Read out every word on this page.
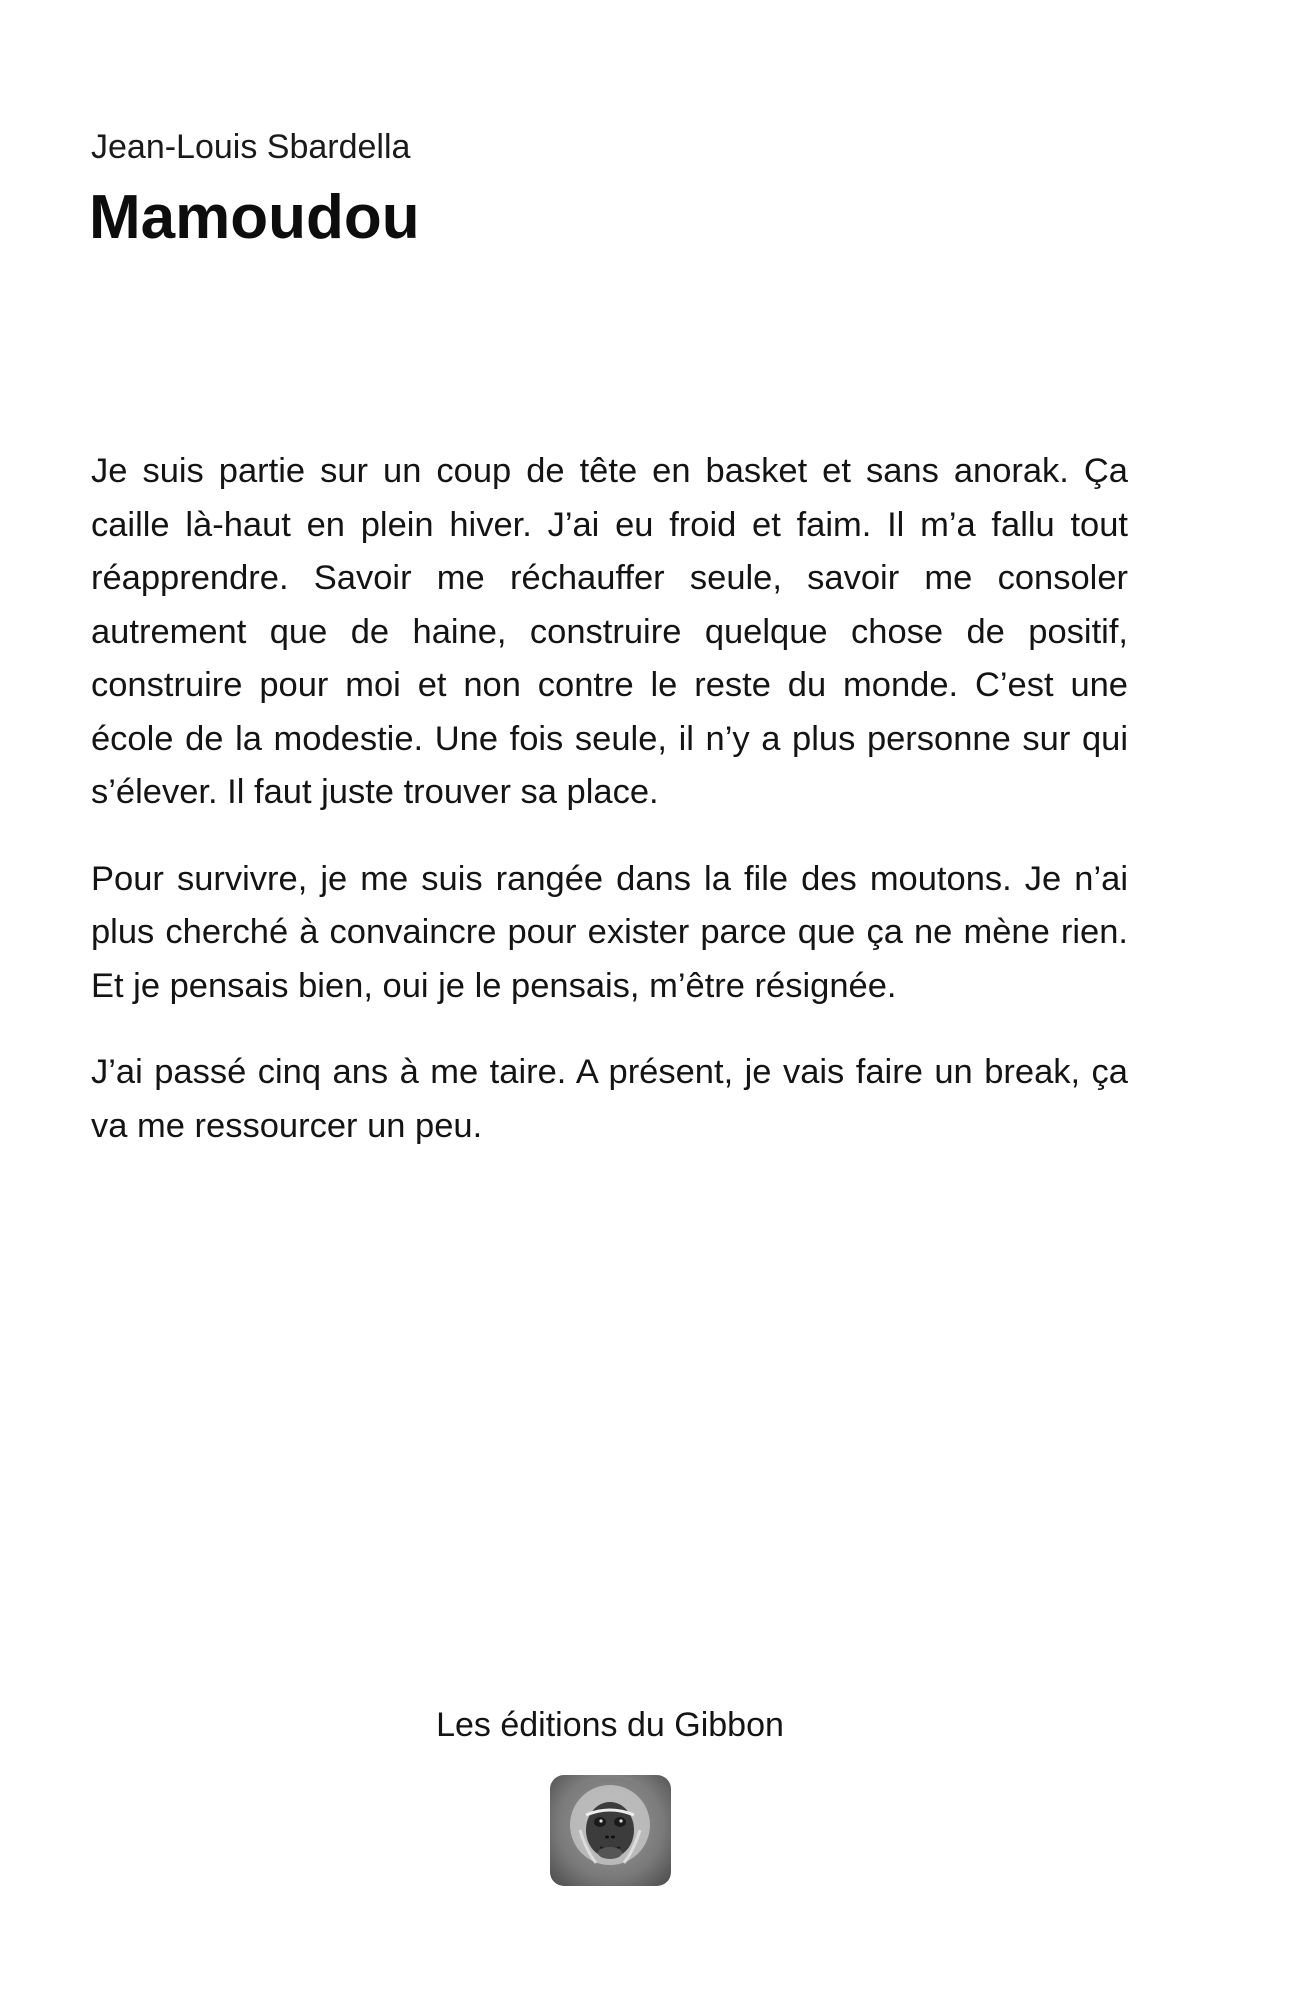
Jean-Louis Sbardella
Mamoudou

Je suis partie sur un coup de tête en basket et sans anorak. Ça caille là-haut en plein hiver. J’ai eu froid et faim. Il m’a fallu tout réapprendre. Savoir me réchauffer seule, savoir me consoler autrement que de haine, construire quelque chose de positif, construire pour moi et non contre le reste du monde. C’est une école de la modestie. Une fois seule, il n’y a plus personne sur qui s’élever. Il faut juste trouver sa place.

Pour survivre, je me suis rangée dans la file des moutons. Je n’ai plus cherché à convaincre pour exister parce que ça ne mène rien. Et je pensais bien, oui je le pensais, m’être résignée.

J’ai passé cinq ans à me taire. A présent, je vais faire un break, ça va me ressourcer un peu.

Les éditions du Gibbon
